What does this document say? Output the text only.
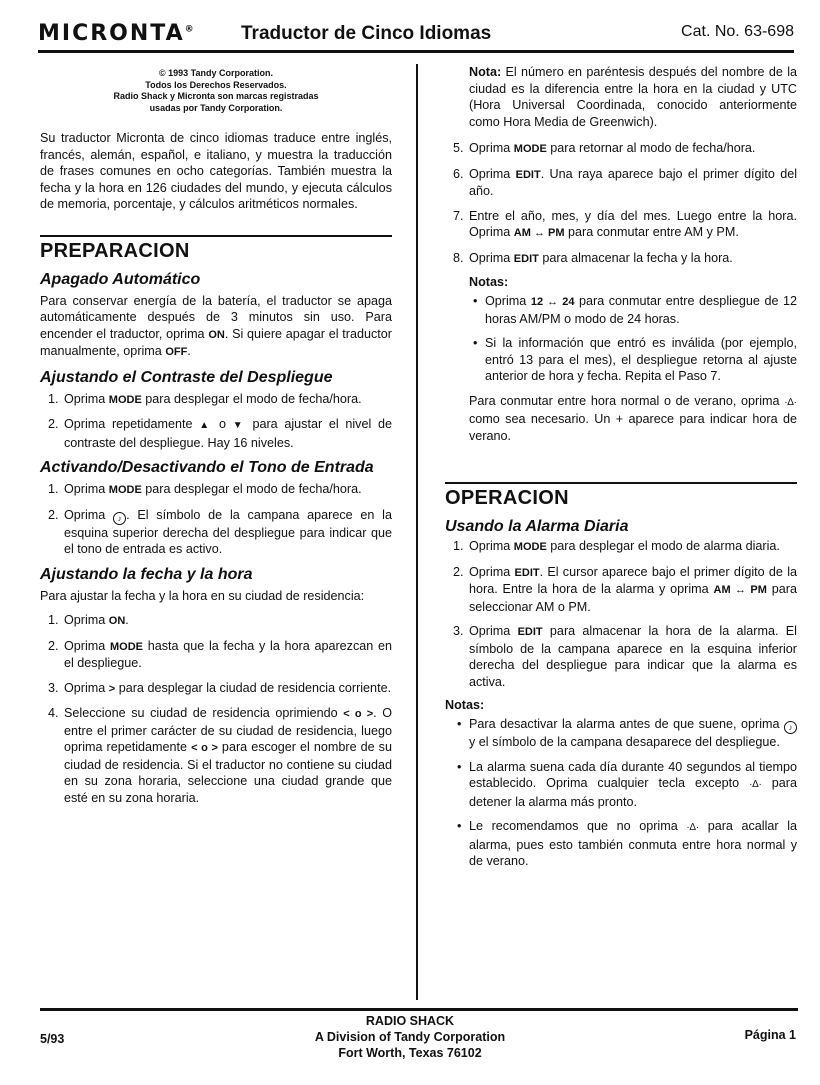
MICRONTA® Traductor de Cinco Idiomas	Cat. No. 63-698
© 1993 Tandy Corporation.
Todos los Derechos Reservados.
Radio Shack y Micronta son marcas registradas
usadas por Tandy Corporation.

Su traductor Micronta de cinco idiomas traduce entre inglés, francés, alemán, español, e italiano, y muestra la traducción de frases comunes en ocho categorías. También muestra la fecha y la hora en 126 ciudades del mundo, y ejecuta cálculos de memoria, porcentaje, y cálculos aritméticos normales.

PREPARACION
Apagado Automático

Para conservar energía de la batería, el traductor se apaga automáticamente después de 3 minutos sin uso. Para encender el traductor, oprima ON. Si quiere apagar el traductor manualmente, oprima OFF.

Ajustando el Contraste del Despliegue
1. Oprima MODE para desplegar el modo de fecha/hora.
2. Oprima repetidamente ▲ o ▼ para ajustar el nivel de contraste del despliegue. Hay 16 niveles.
Activando/Desactivando el Tono de Entrada
1. Oprima MODE para desplegar el modo de fecha/hora.
2. Oprima ♪ . El símbolo de la campana aparece en la esquina superior derecha del despliegue para indicar que el tono de entrada es activo.
Ajustando la fecha y la hora

Para ajustar la fecha y la hora en su ciudad de residencia:

1. Oprima ON.
2. Oprima MODE hasta que la fecha y la hora aparezcan en el despliegue.
3. Oprima > para desplegar la ciudad de residencia corriente.
4. Seleccione su ciudad de residencia oprimiendo < o >. O entre el primer carácter de su ciudad de residencia, luego oprima repetidamente < o > para escoger el nombre de su ciudad de residencia. Si el traductor no contiene su ciudad en su zona horaria, seleccione una ciudad grande que esté en su zona horaria.

Nota: El número en paréntesis después del nombre de la ciudad es la diferencia entre la hora en la ciudad y UTC (Hora Universal Coordinada, conocido anteriormente como Hora Media de Greenwich).

5. Oprima MODE para retornar al modo de fecha/hora.
6. Oprima EDIT. Una raya aparece bajo el primer dígito del año.
7. Entre el año, mes, y día del mes. Luego entre la hora. Oprima AM ↔ PM para conmutar entre AM y PM.
8. Oprima EDIT para almacenar la fecha y la hora.
Notas:
• Oprima 12 ↔ 24 para conmutar entre despliegue de 12 horas AM/PM o modo de 24 horas.
• Si la información que entró es inválida (por ejemplo, entró 13 para el mes), el despliegue retorna al ajuste anterior de hora y fecha. Repita el Paso 7.

Para conmutar entre hora normal o de verano, oprima ·∆· como sea necesario. Un + aparece para indicar hora de verano.

OPERACION
Usando la Alarma Diaria
1. Oprima MODE para desplegar el modo de alarma diaria.
2. Oprima EDIT. El cursor aparece bajo el primer dígito de la hora. Entre la hora de la alarma y oprima AM ↔ PM para seleccionar AM o PM.
3. Oprima EDIT para almacenar la hora de la alarma. El símbolo de la campana aparece en la esquina inferior derecha del despliegue para indicar que la alarma es activa.
Notas:
• Para desactivar la alarma antes de que suene, oprima ♪ y el símbolo de la campana desaparece del despliegue.
• La alarma suena cada día durante 40 segundos al tiempo establecido. Oprima cualquier tecla excepto ·∆· para detener la alarma más pronto.
• Le recomendamos que no oprima ·∆· para acallar la alarma, pues esto también conmuta entre hora normal y de verano.
5/93
RADIO SHACK
A Division of Tandy Corporation
Fort Worth, Texas 76102
Página 1
